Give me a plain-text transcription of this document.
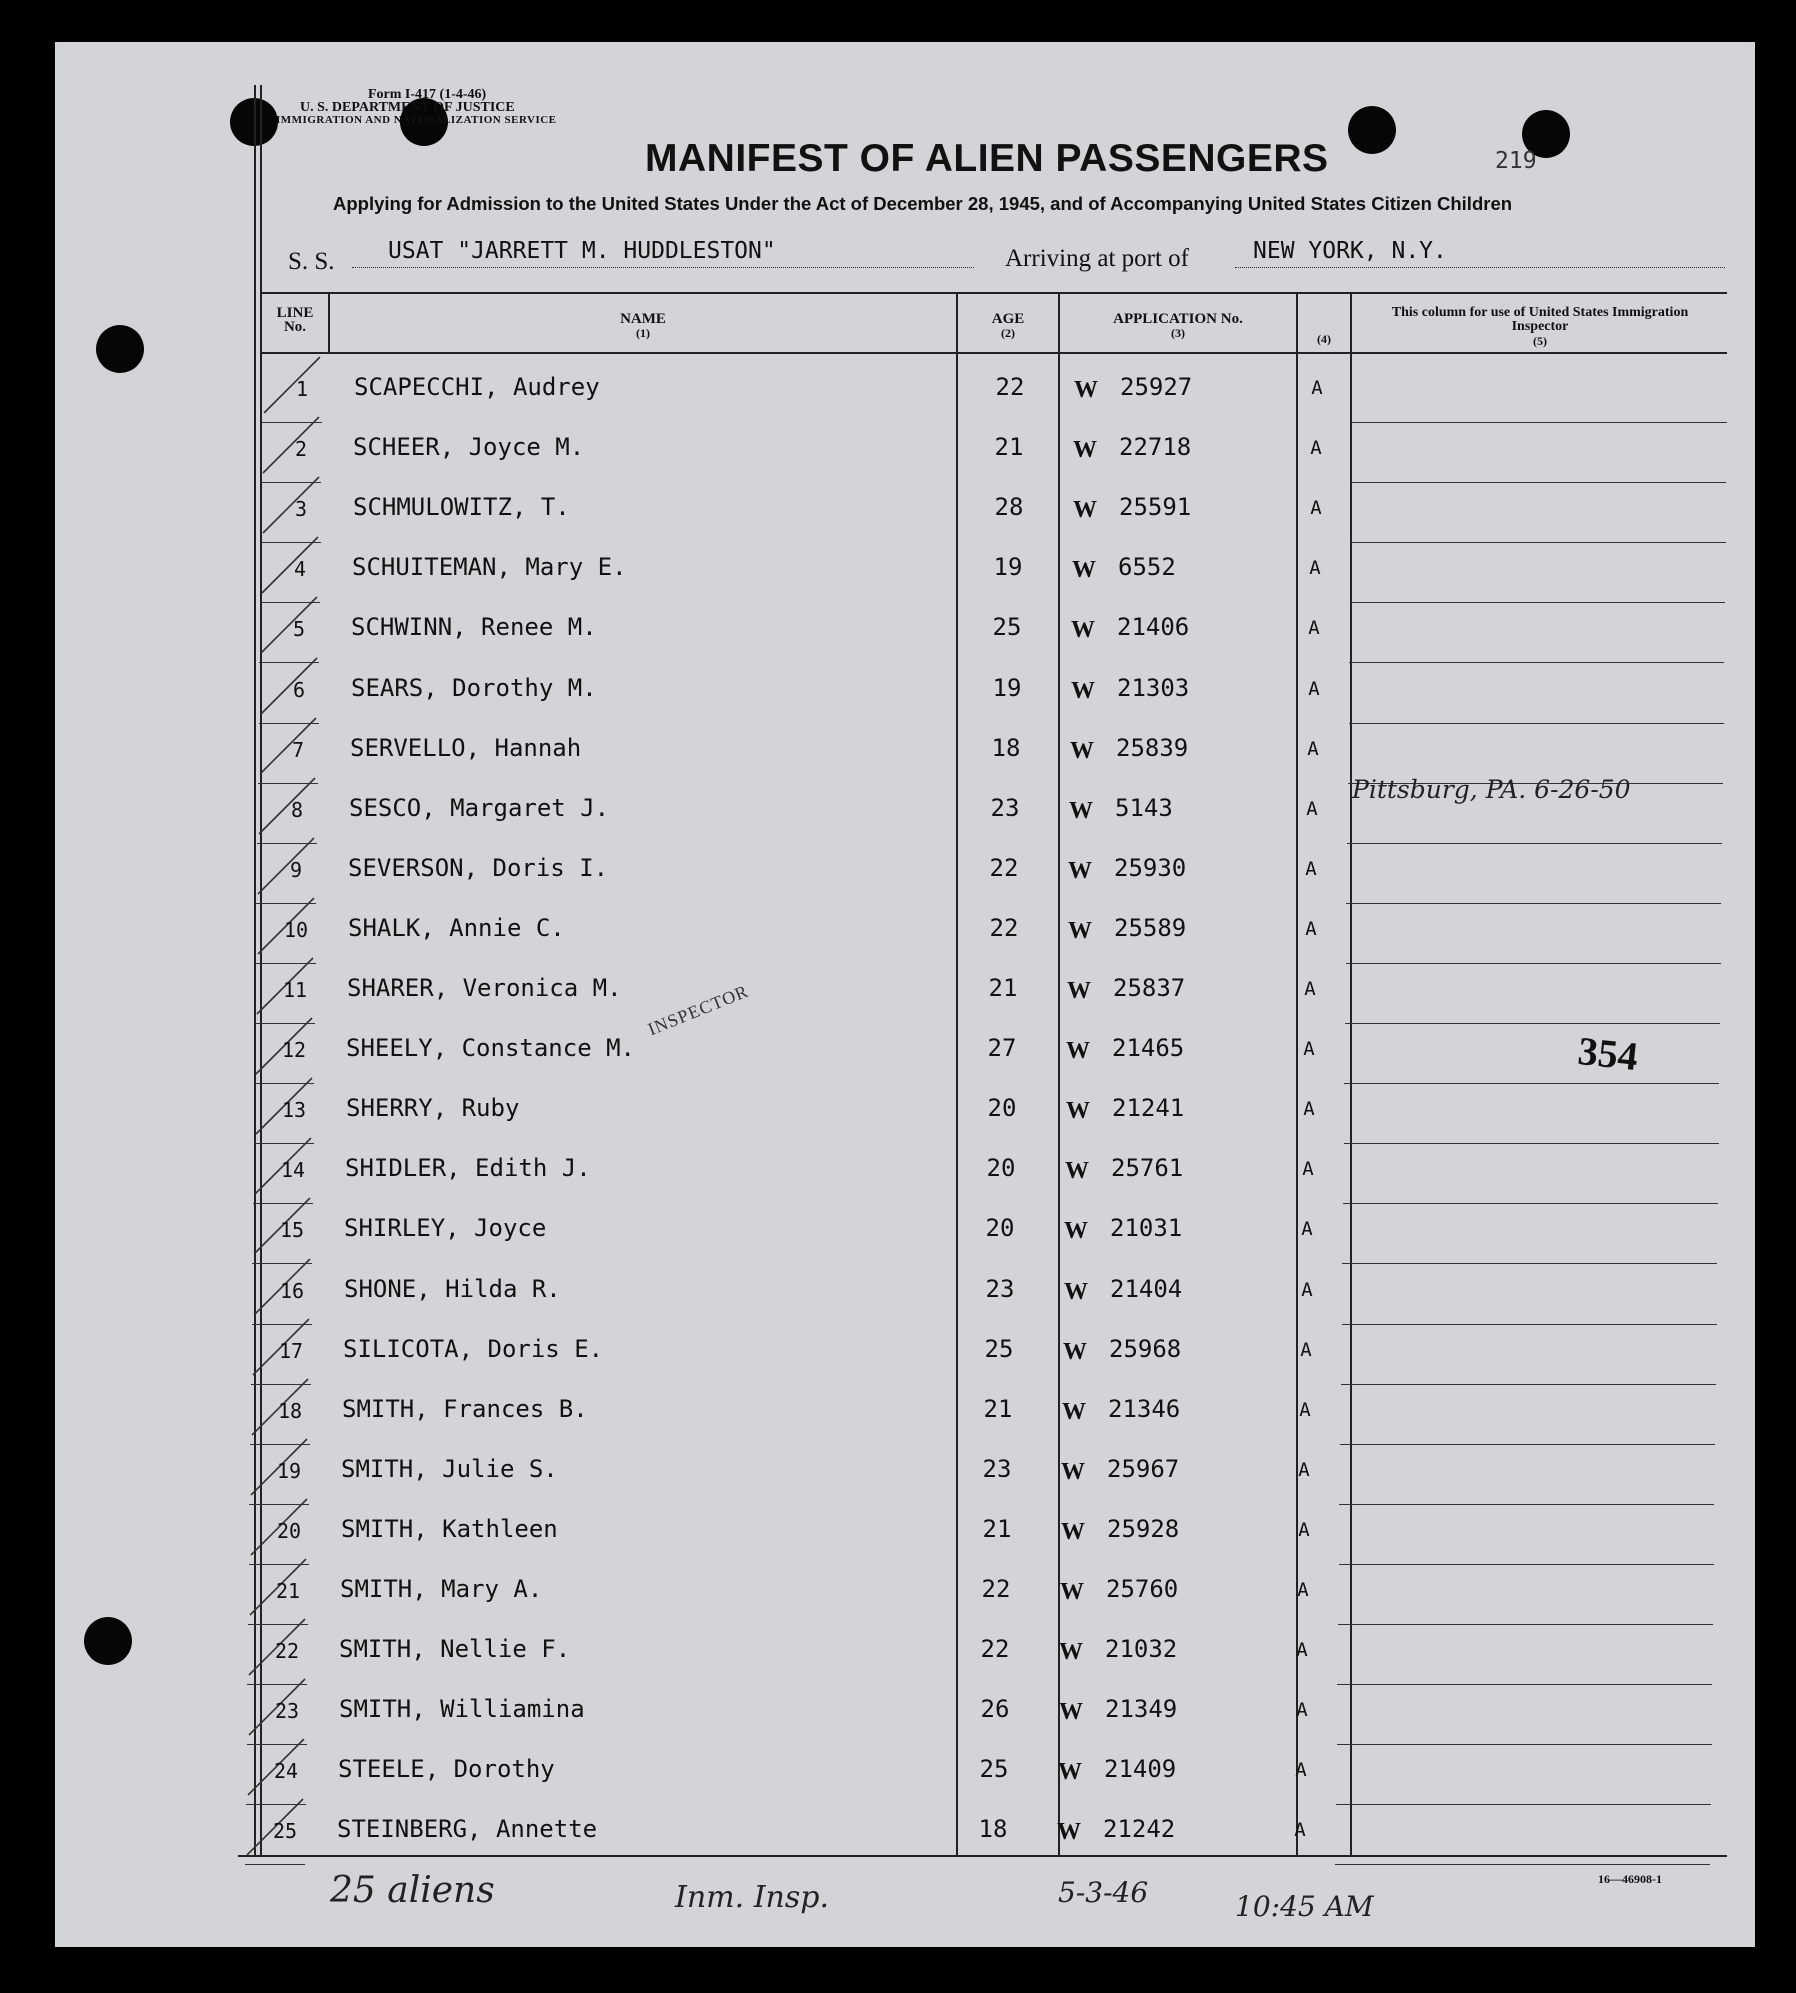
Form I-417 (1-4-46)
U. S. DEPARTMENT OF JUSTICE
IMMIGRATION AND NATURALIZATION SERVICE
MANIFEST OF ALIEN PASSENGERS	219
Applying for Admission to the United States Under the Act of December 28, 1945, and of Accompanying United States Citizen Children
S. S.	USAT "JARRETT M. HUDDLESTON"	Arriving at port of	NEW YORK, N.Y.
LINE No.	NAME
(1)
AGE
(2)
APPLICATION No.
(3)	(4)
This column for use of United States Immigration Inspector
(5)
1	SCAPECCHI, Audrey	22	W 25927	A
2	SCHEER, Joyce M.	21	W 22718	A
3	SCHMULOWITZ, T.	28	W 25591	A
4	SCHUITEMAN, Mary E.	19	W 6552	A
5	SCHWINN, Renee M.	25	W 21406	A
6	SEARS, Dorothy M.	19	W 21303	A
7	SERVELLO, Hannah	18	W 25839	A
8	SESCO, Margaret J.	23	W 5143	A
9	SEVERSON, Doris I.	22	W 25930	A
10	SHALK, Annie C.	22	W 25589	A
11	SHARER, Veronica M.	21	W 25837	A
12	SHEELY, Constance M.	27	W 21465	A
13	SHERRY, Ruby	20	W 21241	A
14	SHIDLER, Edith J.	20	W 25761	A
15	SHIRLEY, Joyce	20	W 21031	A
16	SHONE, Hilda R.	23	W 21404	A
17	SILICOTA, Doris E.	25	W 25968	A
18	SMITH, Frances B.	21	W 21346	A
19	SMITH, Julie S.	23	W 25967	A
20	SMITH, Kathleen	21	W 25928	A
21	SMITH, Mary A.	22	W 25760	A
22	SMITH, Nellie F.	22	W 21032	A
23	SMITH, Williamina	26	W 21349	A
24	STEELE, Dorothy	25	W 21409	A
25	STEINBERG, Annette	18	W 21242	A
Pittsburg, PA. 6-26-50
354
INSPECTOR
25 aliens	Inm. Insp.	5-3-46	10:45 AM
16—46908-1
